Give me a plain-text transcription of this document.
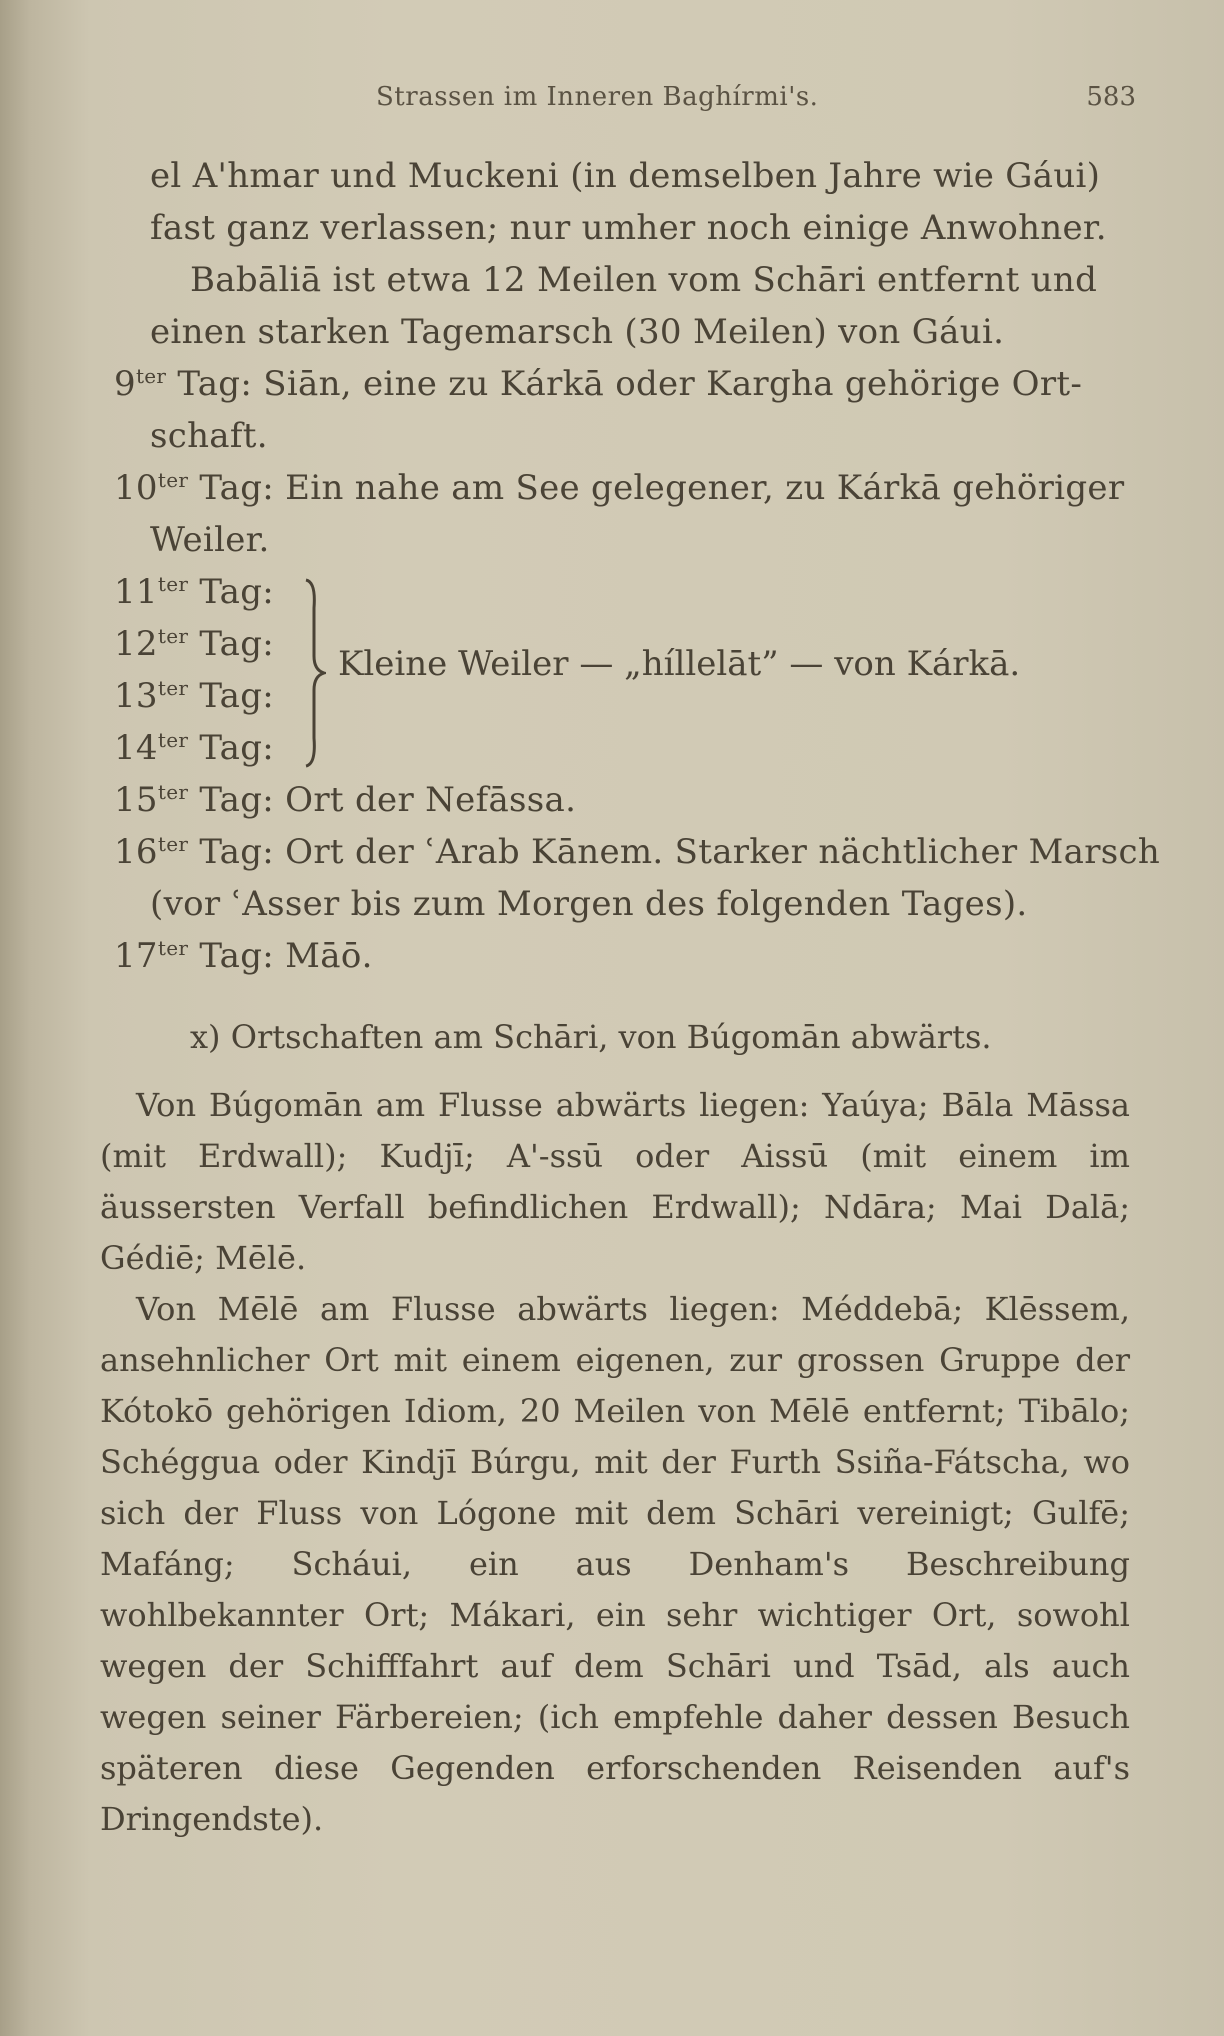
Strassen im Inneren Baghírmi's.	583
el A'hmar und Muckeni (in demselben Jahre wie Gáui)
fast ganz verlassen; nur umher noch einige Anwohner.
Babāliā ist etwa 12 Meilen vom Schāri entfernt und
einen starken Tagemarsch (30 Meilen) von Gáui.
$9^{ter}$ Tag: Siān, eine zu Kárkā oder Kargha gehörige Ort-
schaft.
$10^{ter}$ Tag: Ein nahe am See gelegener, zu Kárkā gehöriger
Weiler.
$11^{ter}$ Tag:
$12^{ter}$ Tag:
$13^{ter}$ Tag:
$14^{ter}$ Tag:
Kleine Weiler — „híllelāt” — von Kárkā.
$15^{ter}$ Tag: Ort der Nefāssa.
$16^{ter}$ Tag: Ort der ʿArab Kānem. Starker nächtlicher Marsch
(vor ʿAsser bis zum Morgen des folgenden Tages).
$17^{ter}$ Tag: Māō.
x) Ortschaften am Schāri, von Búgomān abwärts.
Von Búgomān am Flusse abwärts liegen: Yaúya; Bāla Māssa (mit Erdwall); Kudjī; A'-ssū oder Aissū (mit einem im äussersten Verfall befindlichen Erdwall); Ndāra; Mai Dalā; Gédiē; Mēlē.
Von Mēlē am Flusse abwärts liegen: Méddebā; Klēssem, ansehnlicher Ort mit einem eigenen, zur grossen Gruppe der Kótokō gehörigen Idiom, 20 Meilen von Mēlē entfernt; Tibālo; Schéggua oder Kindjī Búrgu, mit der Furth Ssiña-Fátscha, wo sich der Fluss von Lógone mit dem Schāri vereinigt; Gulfē; Mafáng; Scháui, ein aus Denham's Beschreibung wohlbekannter Ort; Mákari, ein sehr wichtiger Ort, sowohl wegen der Schifffahrt auf dem Schāri und Tsād, als auch wegen seiner Färbereien; (ich empfehle daher dessen Besuch späteren diese Gegenden erforschenden Reisenden auf's Dringendste).
